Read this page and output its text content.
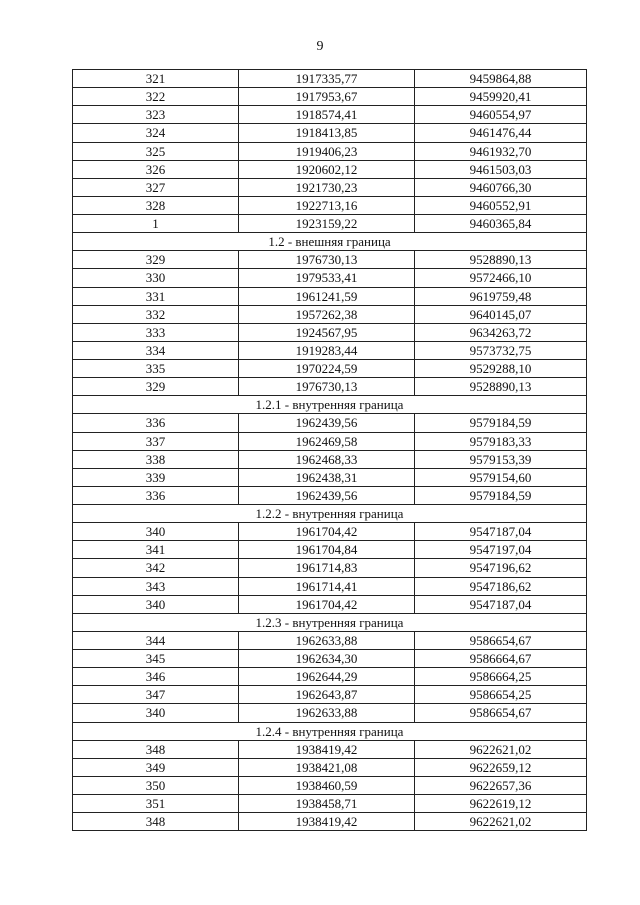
9
321	1917335,77	9459864,88
322	1917953,67	9459920,41
323	1918574,41	9460554,97
324	1918413,85	9461476,44
325	1919406,23	9461932,70
326	1920602,12	9461503,03
327	1921730,23	9460766,30
328	1922713,16	9460552,91
1	1923159,22	9460365,84
1.2 - внешняя граница		
329	1976730,13	9528890,13
330	1979533,41	9572466,10
331	1961241,59	9619759,48
332	1957262,38	9640145,07
333	1924567,95	9634263,72
334	1919283,44	9573732,75
335	1970224,59	9529288,10
329	1976730,13	9528890,13
1.2.1 - внутренняя граница		
336	1962439,56	9579184,59
337	1962469,58	9579183,33
338	1962468,33	9579153,39
339	1962438,31	9579154,60
336	1962439,56	9579184,59
1.2.2 - внутренняя граница		
340	1961704,42	9547187,04
341	1961704,84	9547197,04
342	1961714,83	9547196,62
343	1961714,41	9547186,62
340	1961704,42	9547187,04
1.2.3 - внутренняя граница		
344	1962633,88	9586654,67
345	1962634,30	9586664,67
346	1962644,29	9586664,25
347	1962643,87	9586654,25
340	1962633,88	9586654,67
1.2.4 - внутренняя граница		
348	1938419,42	9622621,02
349	1938421,08	9622659,12
350	1938460,59	9622657,36
351	1938458,71	9622619,12
348	1938419,42	9622621,02
